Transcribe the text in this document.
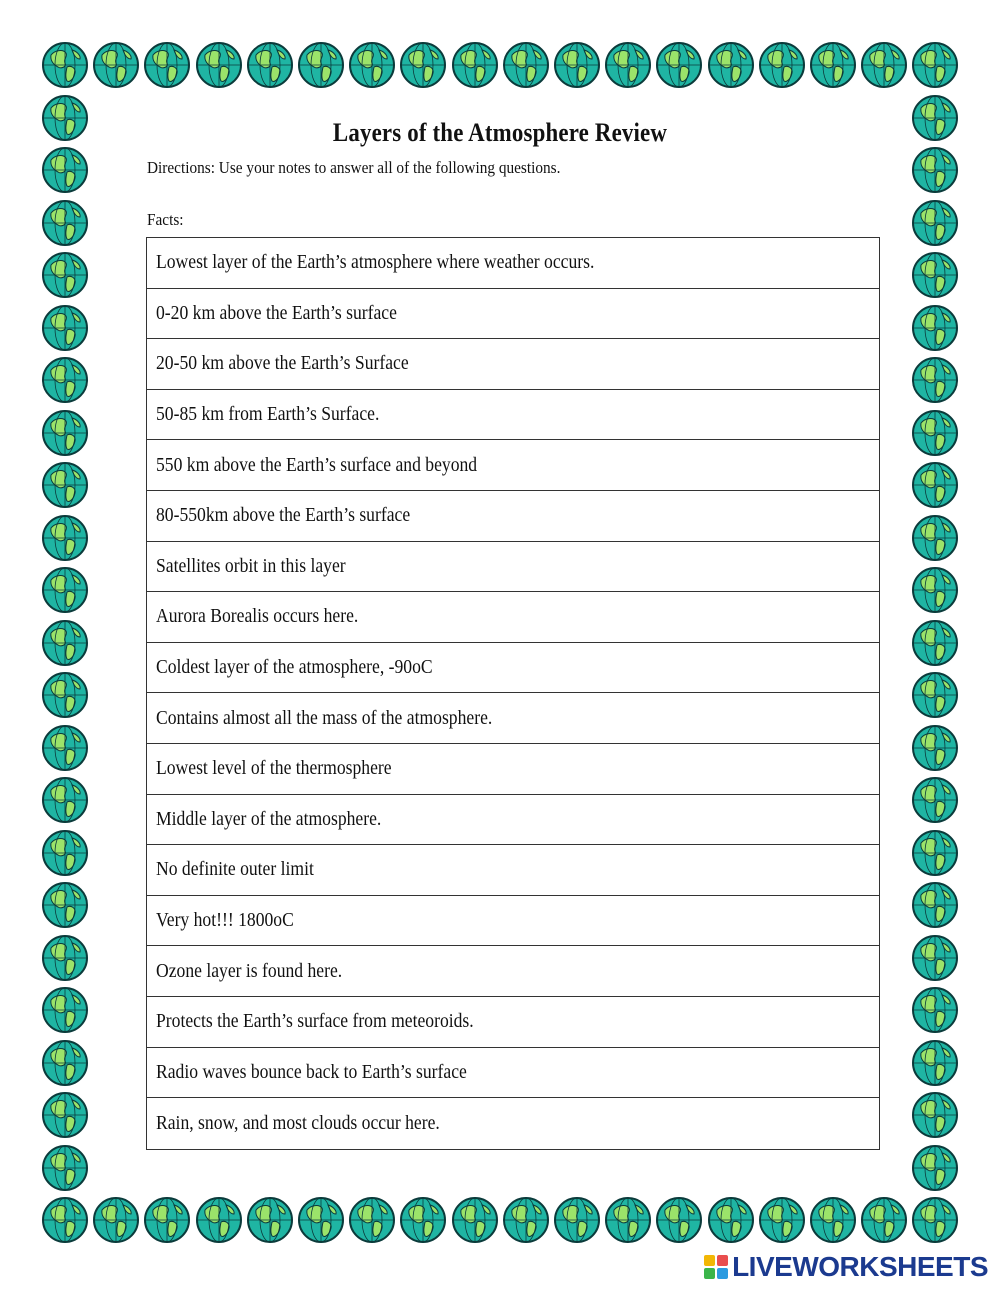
Layers of the Atmosphere Review
Directions: Use your notes to answer all of the following questions.
Facts:
Lowest layer of the Earth’s atmosphere where weather occurs.
0-20 km above the Earth’s surface
20-50 km above the Earth’s Surface
50-85 km from Earth’s Surface.
550 km above the Earth’s surface and beyond
80-550km above the Earth’s surface
Satellites orbit in this layer
Aurora Borealis occurs here.
Coldest layer of the atmosphere, -90oC
Contains almost all the mass of the atmosphere.
Lowest level of the thermosphere
Middle layer of the atmosphere.
No definite outer limit
Very hot!!! 1800oC
Ozone layer is found here.
Protects the Earth’s surface from meteoroids.
Radio waves bounce back to Earth’s surface
Rain, snow, and most clouds occur here.
LIVEWORKSHEETS
